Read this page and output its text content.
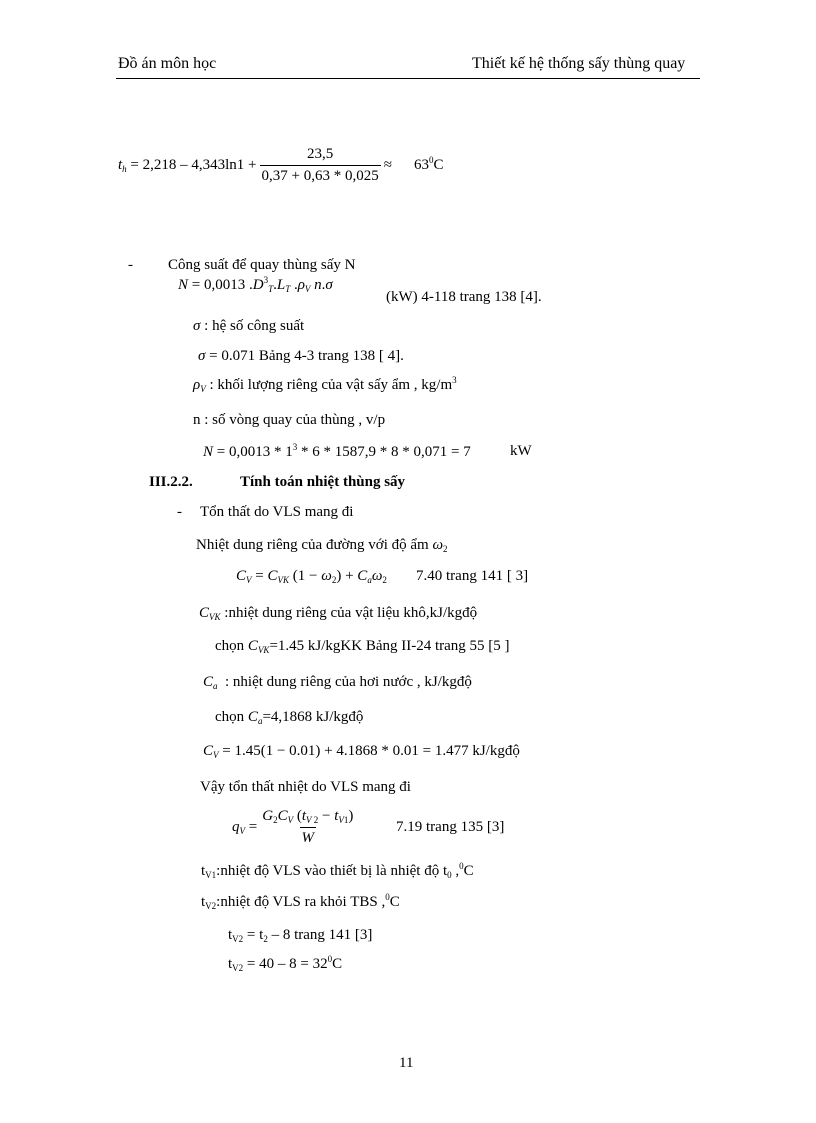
Đồ án môn học	Thiết kế hệ thống sấy thùng quay
$t_h = 2,218 - 4,343\ln 1 + \frac{23,5}{0,37 + 0,63 * 0,025} \approx 63^0C$
- Công suất để quay thùng sấy N
N = 0,0013 $.D^3_T.L_T$ $.\rho_V$ n.σ
(kW) 4-118 trang 138 [4].
σ : hệ số công suất
σ = 0.071 Bảng 4-3 trang 138 [ 4].
$\rho_V$ : khối lượng riêng của vật sấy ẩm , $kg/m^3$
n : số vòng quay của thùng , v/p
$N = 0,0013 * 1^3 * 6 * 1587,9 * 8 * 0,071 = 7$	kW
III.2.2.	Tính toán nhiệt thùng sấy
- Tổn thất do VLS mang đi
Nhiệt dung riêng của đường với độ ẩm $\omega_2$
$C_V = C_{VK}$ $(1 - \omega_2) + C_a\omega_2$ 7.40 trang 141 [ 3]
$C_{VK}$ :nhiệt dung riêng của vật liệu khô,kJ/kgđộ
chọn $C_{VK}=1.45$ kJ/kgKK Bảng II-24 trang 55 [5 ]
$C_a$ : nhiệt dung riêng của hơi nước , kJ/kgđộ
chọn $C_a=4,1868$ kJ/kgđộ
$C_V = 1.45(1 - 0.01) + 4.1868 * 0.01 = 1.477$ kJ/kgđộ
Vậy tổn thất nhiệt do VLS mang đi
$q_V = \frac{G_2C_V (t_{V 2} - t_{V1})}{W}$	7.19 trang 135 [3]
$t_{V1}:nhiệt$ độ VLS vào thiết bị là nhiệt độ $t_0$ ,$^0$C
$t_{V2}:nhiệt$ độ VLS ra khỏi TBS ,$^0$C
$t_{V2} = t_2 - 8$ trang 141 [3]
$t_{V2} = 40 - 8 = 32^0C$
11
